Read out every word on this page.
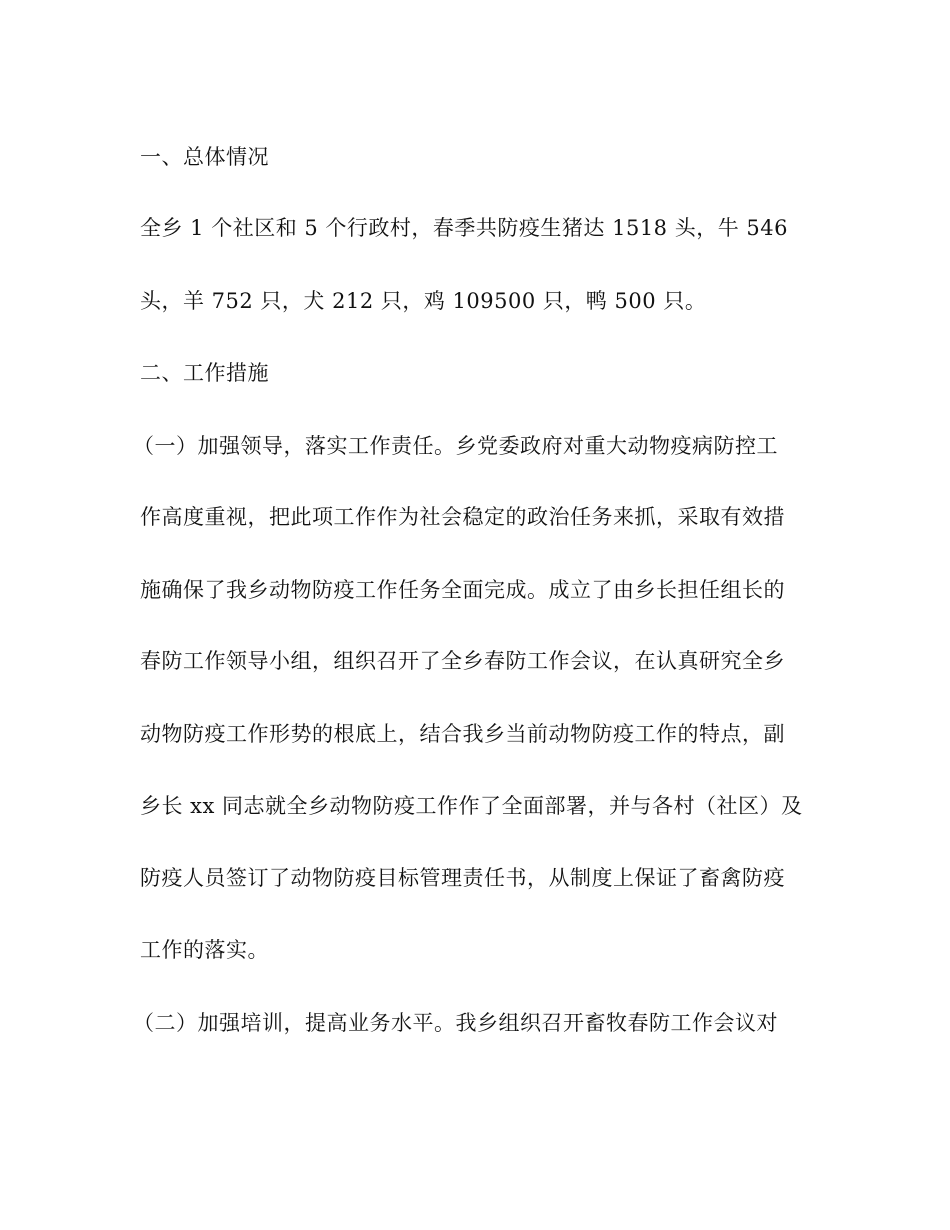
一、总体情况
全乡 1 个社区和 5 个行政村，春季共防疫生猪达 1518 头，牛 546
头，羊 752 只，犬 212 只，鸡 109500 只，鸭 500 只。
二、工作措施
（一）加强领导，落实工作责任。乡党委政府对重大动物疫病防控工
作高度重视，把此项工作作为社会稳定的政治任务来抓，采取有效措
施确保了我乡动物防疫工作任务全面完成。成立了由乡长担任组长的
春防工作领导小组，组织召开了全乡春防工作会议，在认真研究全乡
动物防疫工作形势的根底上，结合我乡当前动物防疫工作的特点，副
乡长 xx 同志就全乡动物防疫工作作了全面部署，并与各村（社区）及
防疫人员签订了动物防疫目标管理责任书，从制度上保证了畜禽防疫
工作的落实。
（二）加强培训，提高业务水平。我乡组织召开畜牧春防工作会议对
